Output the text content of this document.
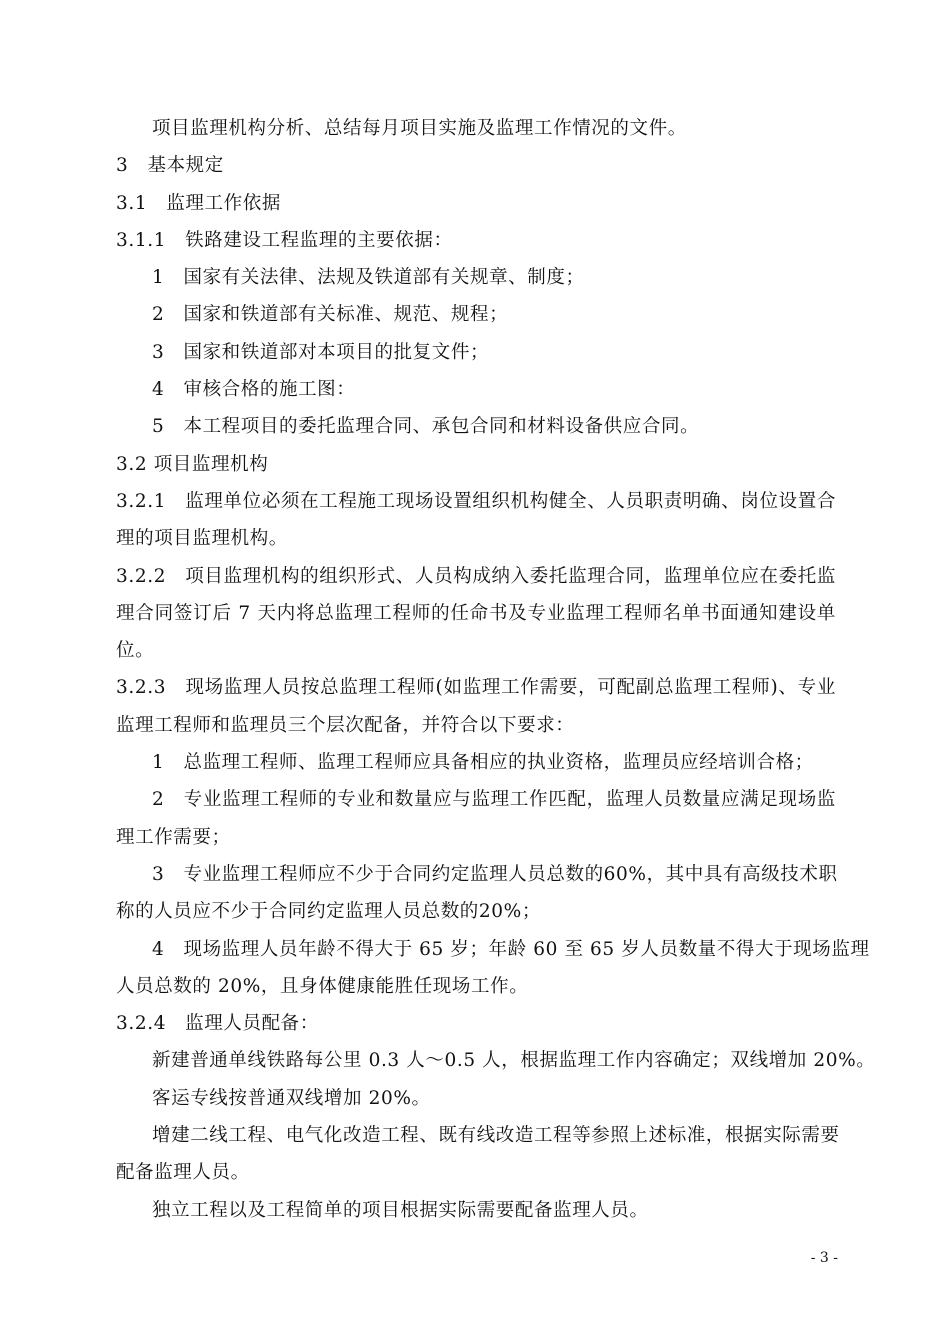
项目监理机构分析、总结每月项目实施及监理工作情况的文件。
3　基本规定
3.1　监理工作依据
3.1.1　铁路建设工程监理的主要依据：
1　国家有关法律、法规及铁道部有关规章、制度；
2　国家和铁道部有关标准、规范、规程；
3　国家和铁道部对本项目的批复文件；
4　审核合格的施工图：
5　本工程项目的委托监理合同、承包合同和材料设备供应合同。
3.2 项目监理机构
3.2.1　监理单位必须在工程施工现场设置组织机构健全、人员职责明确、岗位设置合
理的项目监理机构。
3.2.2　项目监理机构的组织形式、人员构成纳入委托监理合同，监理单位应在委托监
理合同签订后 7 天内将总监理工程师的任命书及专业监理工程师名单书面通知建设单
位。
3.2.3　现场监理人员按总监理工程师(如监理工作需要，可配副总监理工程师)、专业
监理工程师和监理员三个层次配备，并符合以下要求：
1　总监理工程师、监理工程师应具备相应的执业资格，监理员应经培训合格；
2　专业监理工程师的专业和数量应与监理工作匹配，监理人员数量应满足现场监
理工作需要；
3　专业监理工程师应不少于合同约定监理人员总数的60%，其中具有高级技术职
称的人员应不少于合同约定监理人员总数的20%；
4　现场监理人员年龄不得大于 65 岁；年龄 60 至 65 岁人员数量不得大于现场监理
人员总数的 20%，且身体健康能胜任现场工作。
3.2.4　监理人员配备：
新建普通单线铁路每公里 0.3 人～0.5 人，根据监理工作内容确定；双线增加 20%。
客运专线按普通双线增加 20%。
增建二线工程、电气化改造工程、既有线改造工程等参照上述标准，根据实际需要
配备监理人员。
独立工程以及工程简单的项目根据实际需要配备监理人员。
- 3 -
